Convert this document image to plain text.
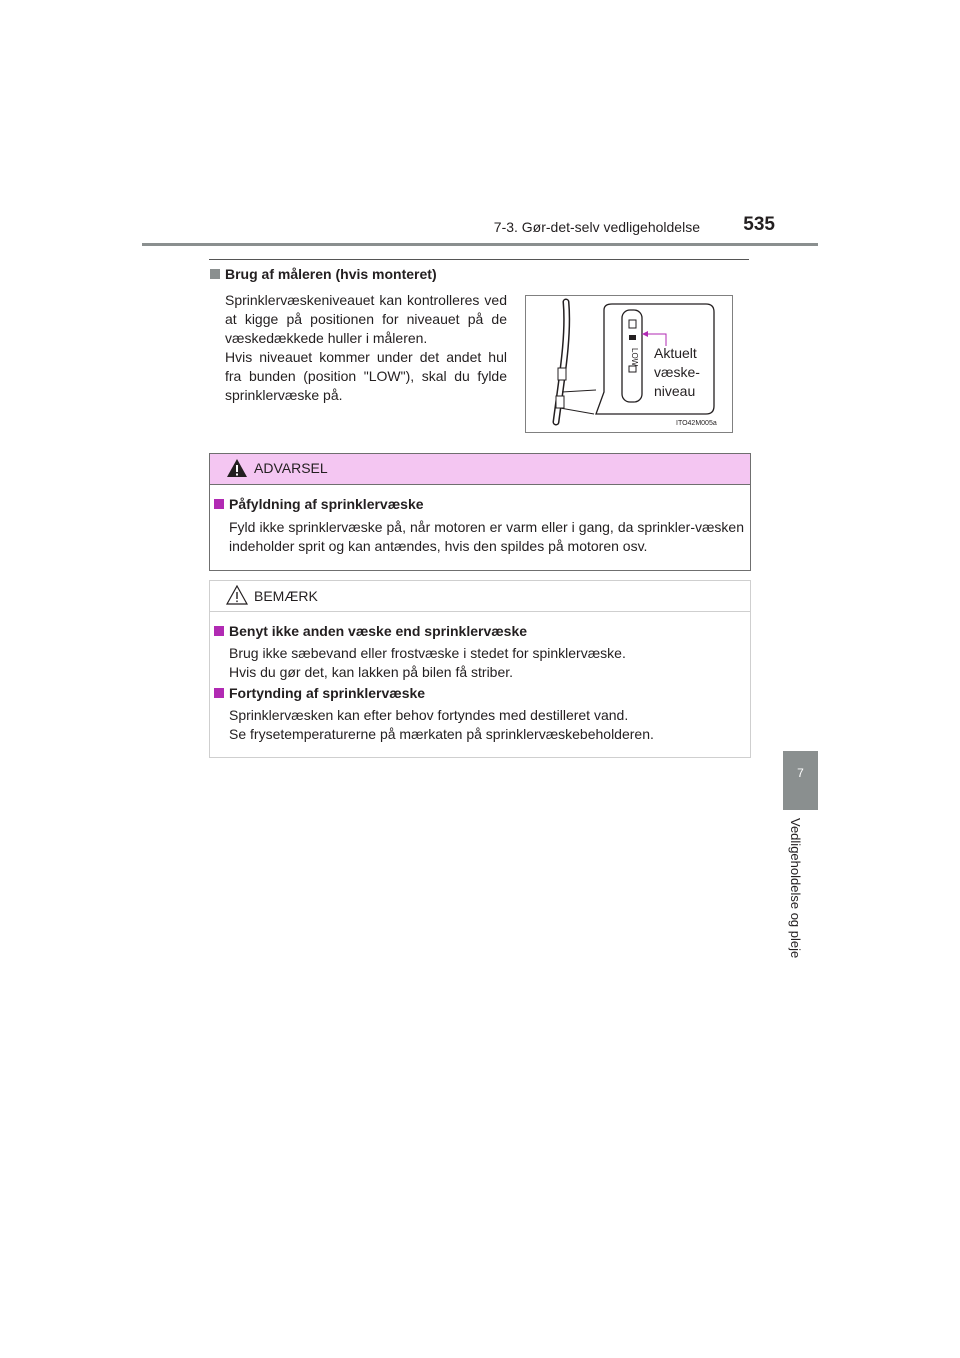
7-3. Gør-det-selv vedligeholdelse	535
7
Vedligeholdelse og pleje
Brug af måleren (hvis monteret)

Sprinklervæskeniveauet kan kontrolleres ved at kigge på positionen for niveauet på de væskedækkede huller i måleren.

Hvis niveauet kommer under det andet hul fra bunden (position "LOW"), skal du fylde sprinklervæske på.

LOW Aktuelt
væske-
niveau
ITO42M005a
ADVARSEL
Påfyldning af sprinklervæske

Fyld ikke sprinklervæske på, når motoren er varm eller i gang, da sprinkler-væsken indeholder sprit og kan antændes, hvis den spildes på motoren osv.

BEMÆRK
Benyt ikke anden væske end sprinklervæske

Brug ikke sæbevand eller frostvæske i stedet for spinklervæske.

Hvis du gør det, kan lakken på bilen få striber.

Fortynding af sprinklervæske

Sprinklervæsken kan efter behov fortyndes med destilleret vand.

Se frysetemperaturerne på mærkaten på sprinklervæskebeholderen.
